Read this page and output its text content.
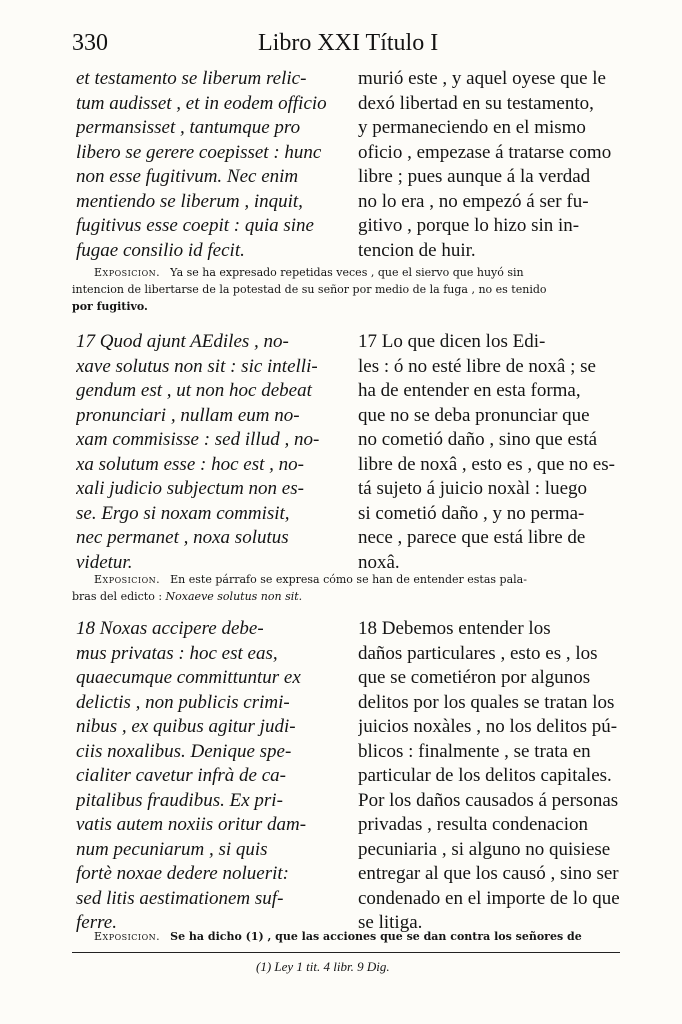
330	Libro XXI Título I
et testamento se liberum relic-
tum audisset , et in eodem officio
permansisset , tantumque pro
libero se gerere coepisset : hunc
non esse fugitivum. Nec enim
mentiendo se liberum , inquit,
fugitivus esse coepit : quia sine
fugae consilio id fecit.
murió este , y aquel oyese que le
dexó libertad en su testamento,
y permaneciendo en el mismo
oficio , empezase á tratarse como
libre ; pues aunque á la verdad
no lo era , no empezó á ser fu-
gitivo , porque lo hizo sin in-
tencion de huir.
Exposicion. Ya se ha expresado repetidas veces , que el siervo que huyó sin
intencion de libertarse de la potestad de su señor por medio de la fuga , no es tenido
por fugitivo.
17 Quod ajunt AEdiles , no-
xave solutus non sit : sic intelli-
gendum est , ut non hoc debeat
pronunciari , nullam eum no-
xam commisisse : sed illud , no-
xa solutum esse : hoc est , no-
xali judicio subjectum non es-
se. Ergo si noxam commisit,
nec permanet , noxa solutus
videtur.
17 Lo que dicen los Edi-
les : ó no esté libre de noxâ ; se
ha de entender en esta forma,
que no se deba pronunciar que
no cometió daño , sino que está
libre de noxâ , esto es , que no es-
tá sujeto á juicio noxàl : luego
si cometió daño , y no perma-
nece , parece que está libre de
noxâ.
Exposicion. En este párrafo se expresa cómo se han de entender estas pala-
bras del edicto : Noxaeve solutus non sit.
18 Noxas accipere debe-
mus privatas : hoc est eas,
quaecumque committuntur ex
delictis , non publicis crimi-
nibus , ex quibus agitur judi-
ciis noxalibus. Denique spe-
cialiter cavetur infrà de ca-
pitalibus fraudibus. Ex pri-
vatis autem noxiis oritur dam-
num pecuniarum , si quis
fortè noxae dedere noluerit:
sed litis aestimationem suf-
ferre.
18 Debemos entender los
daños particulares , esto es , los
que se cometiéron por algunos
delitos por los quales se tratan los
juicios noxàles , no los delitos pú-
blicos : finalmente , se trata en
particular de los delitos capitales.
Por los daños causados á personas
privadas , resulta condenacion
pecuniaria , si alguno no quisiese
entregar al que los causó , sino ser
condenado en el importe de lo que
se litiga.
Exposicion. Se ha dicho (1) , que las acciones que se dan contra los señores de
(1) Ley 1 tit. 4 libr. 9 Dig.
